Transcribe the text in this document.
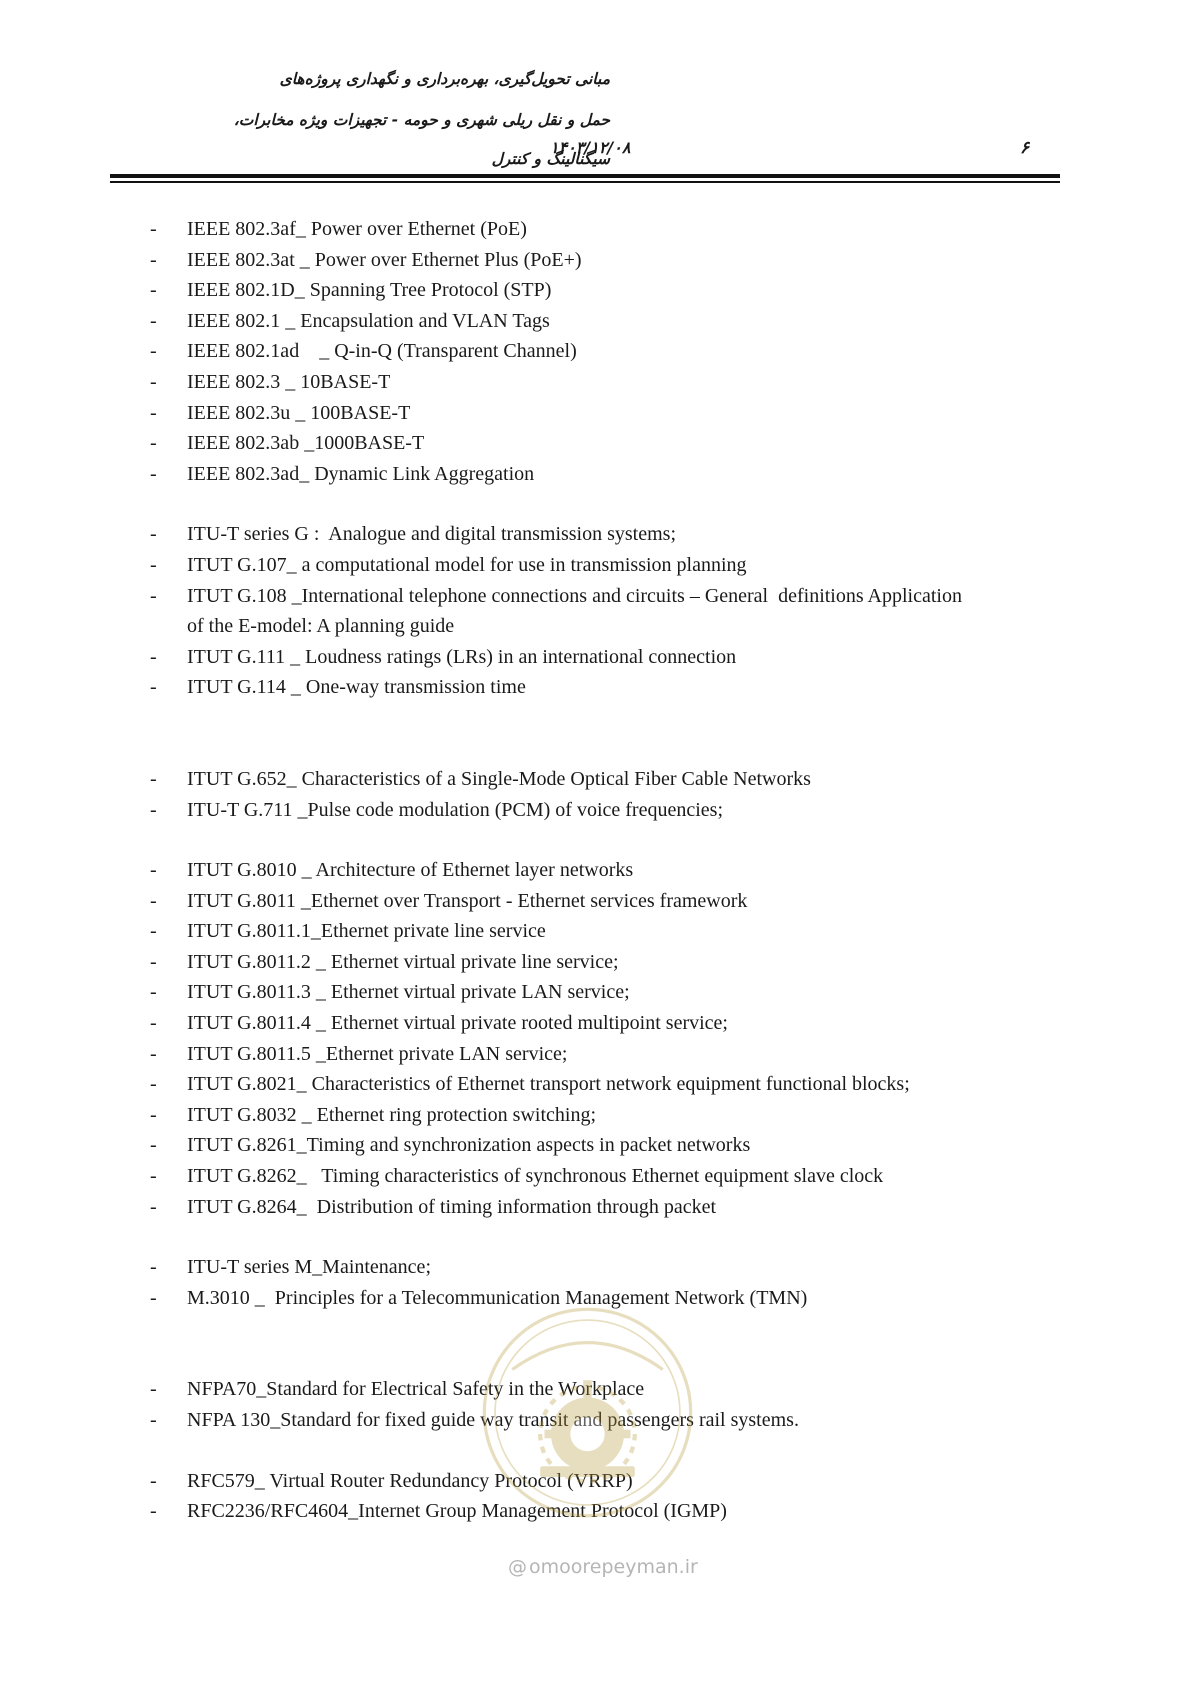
مبانی تحویل‌گیری، بهره‌برداری و نگهداری پروژه‌های
حمل و نقل ریلی شهری و حومه - تجهیزات ویژه مخابرات،
سیگنالینگ و کنترل
۱۴۰۳/۱۲/۰۸	۶
- IEEE 802.3af_ Power over Ethernet (PoE)
- IEEE 802.3at _ Power over Ethernet Plus (PoE+)
- IEEE 802.1D_ Spanning Tree Protocol (STP)
- IEEE 802.1 _ Encapsulation and VLAN Tags
- IEEE 802.1ad    _ Q-in-Q (Transparent Channel)
- IEEE 802.3 _ 10BASE-T
- IEEE 802.3u _ 100BASE-T
- IEEE 802.3ab _1000BASE-T
- IEEE 802.3ad_ Dynamic Link Aggregation
- ITU-T series G :  Analogue and digital transmission systems;
- ITUT G.107_ a computational model for use in transmission planning
- ITUT G.108 _International telephone connections and circuits – General  definitions Application
of the E-model: A planning guide
- ITUT G.111 _ Loudness ratings (LRs) in an international connection
- ITUT G.114 _ One-way transmission time
- ITUT G.652_ Characteristics of a Single-Mode Optical Fiber Cable Networks
- ITU-T G.711 _Pulse code modulation (PCM) of voice frequencies;
- ITUT G.8010 _ Architecture of Ethernet layer networks
- ITUT G.8011 _Ethernet over Transport - Ethernet services framework
- ITUT G.8011.1_Ethernet private line service
- ITUT G.8011.2 _ Ethernet virtual private line service;
- ITUT G.8011.3 _ Ethernet virtual private LAN service;
- ITUT G.8011.4 _ Ethernet virtual private rooted multipoint service;
- ITUT G.8011.5 _Ethernet private LAN service;
- ITUT G.8021_ Characteristics of Ethernet transport network equipment functional blocks;
- ITUT G.8032 _ Ethernet ring protection switching;
- ITUT G.8261_Timing and synchronization aspects in packet networks
- ITUT G.8262_   Timing characteristics of synchronous Ethernet equipment slave clock
- ITUT G.8264_  Distribution of timing information through packet
- ITU-T series M_Maintenance;
- M.3010 _  Principles for a Telecommunication Management Network (TMN)
- NFPA70_Standard for Electrical Safety in the Workplace
- NFPA 130_Standard for fixed guide way transit and passengers rail systems.
- RFC579_ Virtual Router Redundancy Protocol (VRRP)
- RFC2236/RFC4604_Internet Group Management Protocol (IGMP)
@ omoorepeyman.ir
